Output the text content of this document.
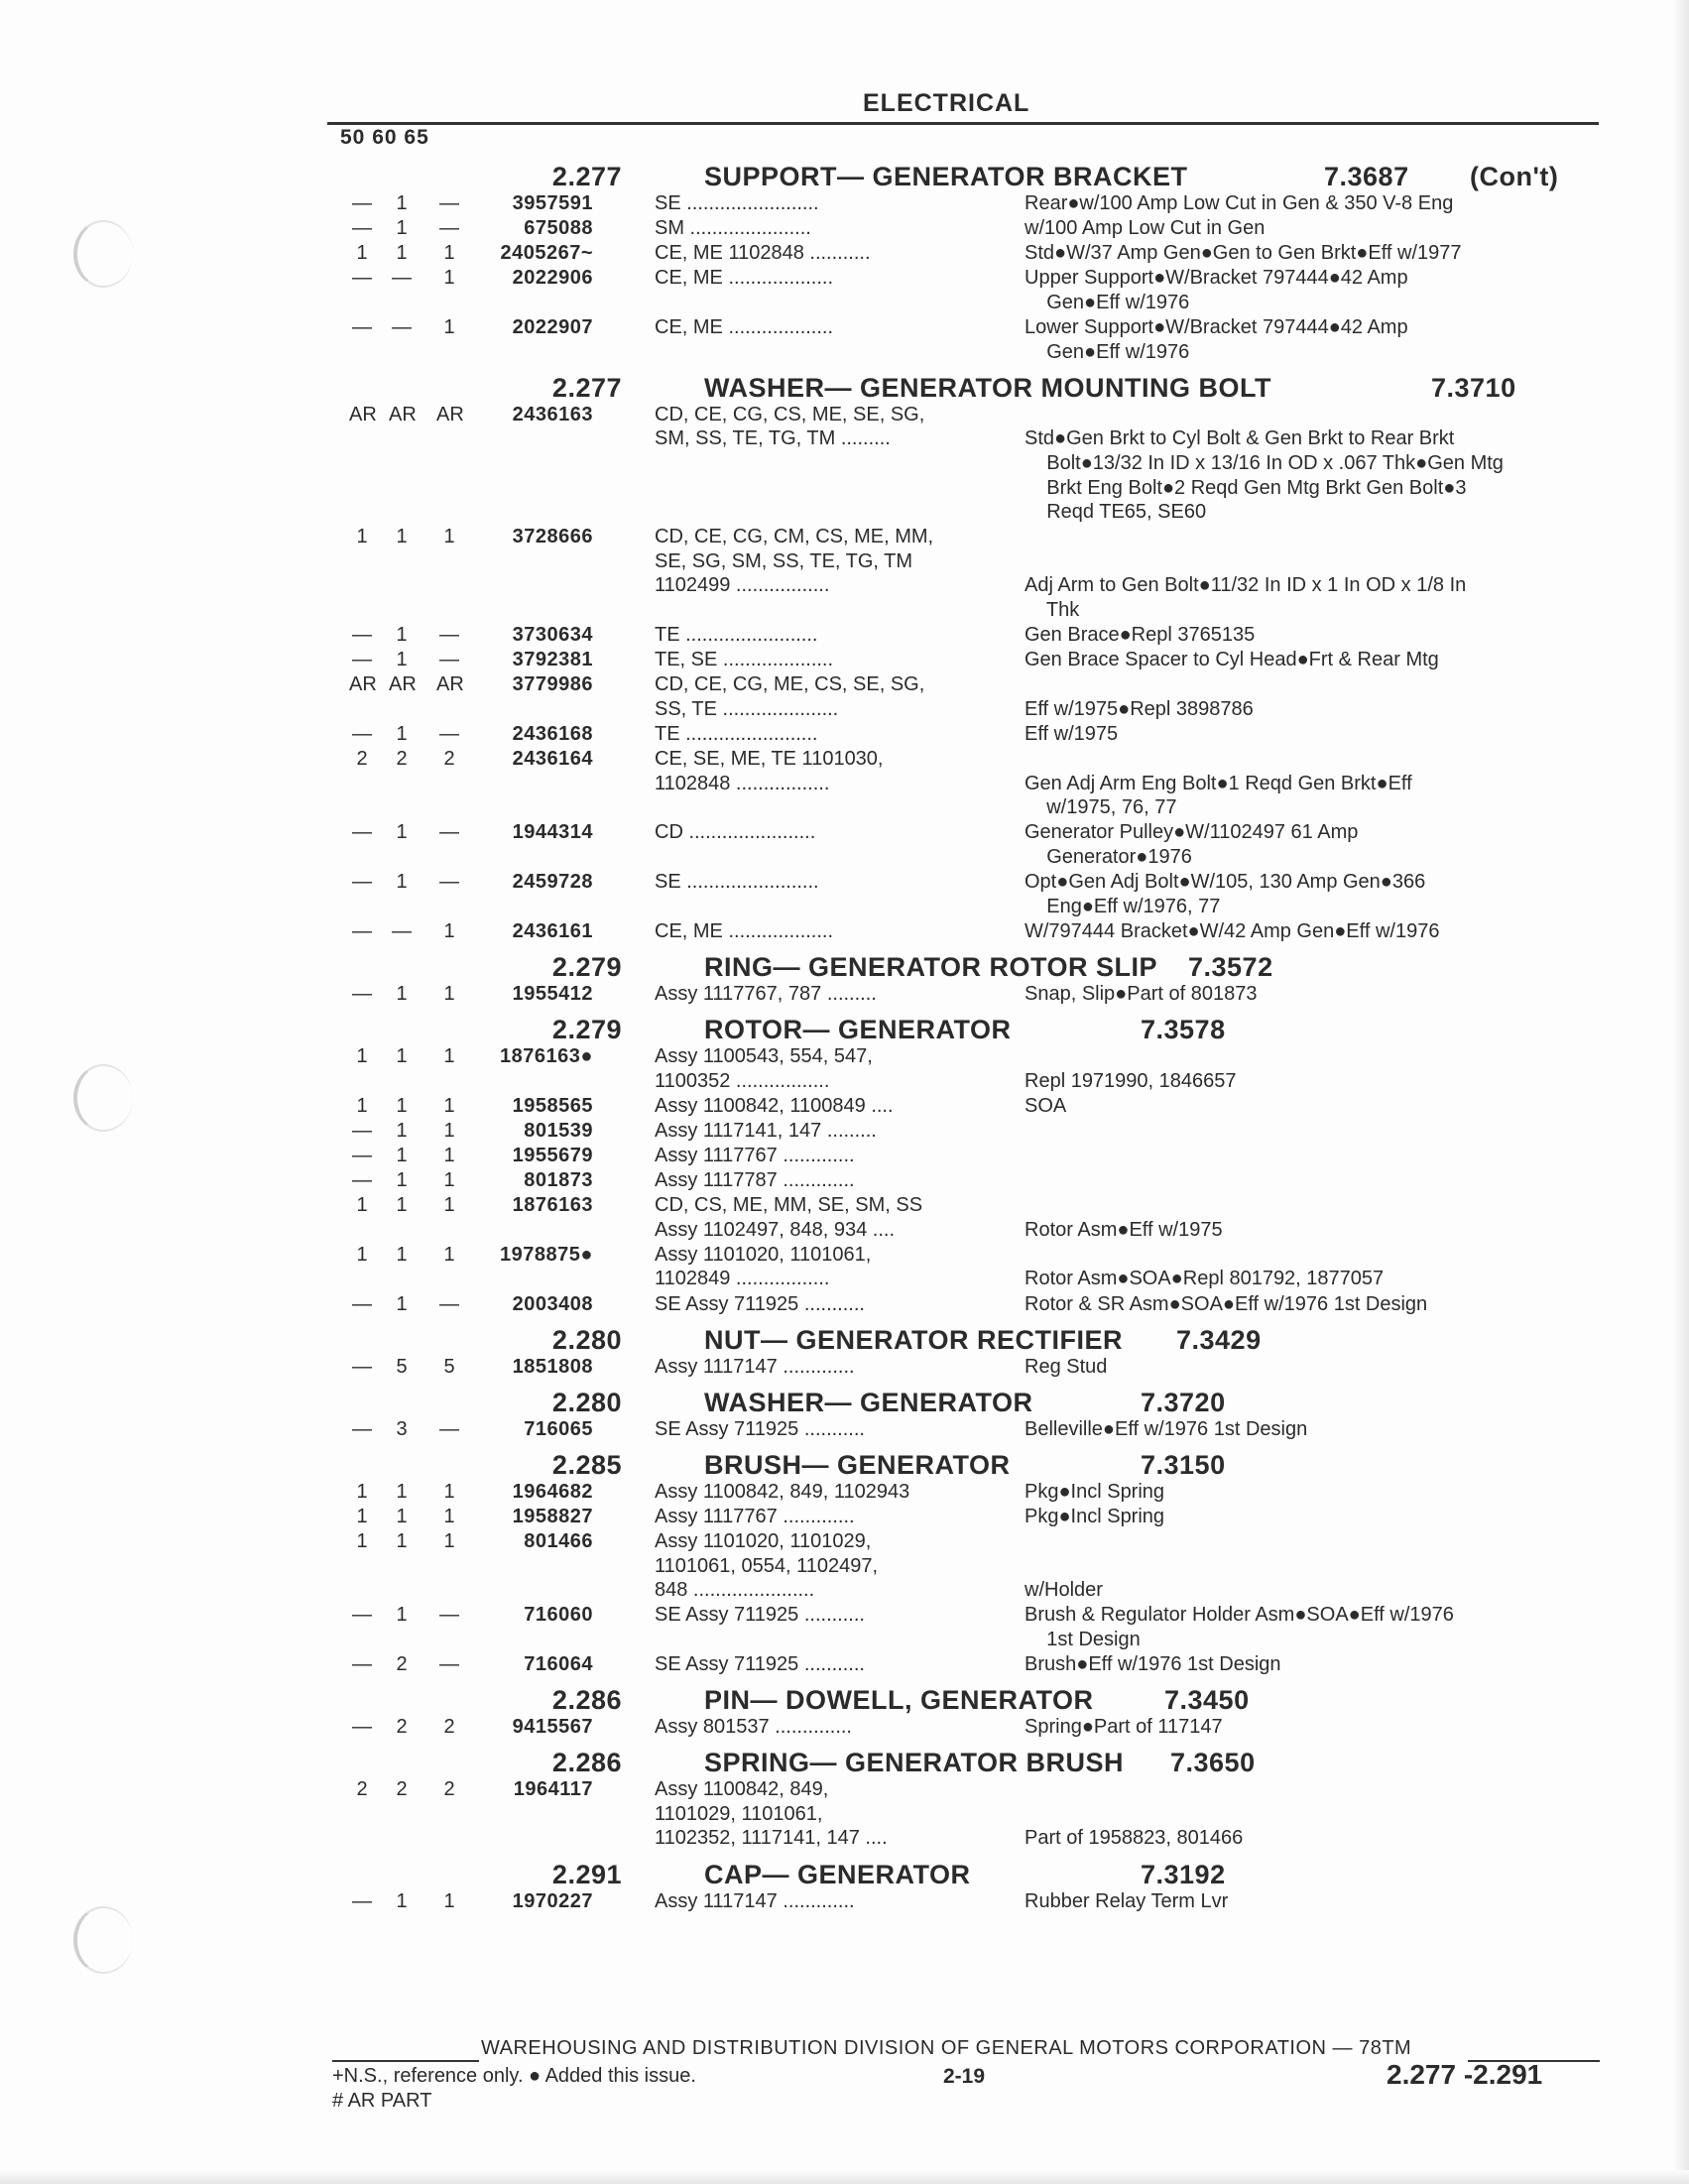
ELECTRICAL
50 60 65
2.277	SUPPORT— GENERATOR BRACKET	7.3687 (Con't)
—	1	—	3957591	SE ........................	Rear●w/100 Amp Low Cut in Gen & 350 V-8 Eng
—	1	—	675088	SM ......................	w/100 Amp Low Cut in Gen
1	1	1	2405267~	CE, ME 1102848 ...........	Std●W/37 Amp Gen●Gen to Gen Brkt●Eff w/1977
— —	1	2022906	CE, ME ...................	Upper Support●W/Bracket 797444●42 Amp
Gen●Eff w/1976
— —	1	2022907	CE, ME ...................	Lower Support●W/Bracket 797444●42 Amp
Gen●Eff w/1976
2.277	WASHER— GENERATOR MOUNTING BOLT	7.3710
AR AR AR	2436163	CD, CE, CG, CS, ME, SE, SG,
SM, SS, TE, TG, TM .........	Std●Gen Brkt to Cyl Bolt & Gen Brkt to Rear Brkt
Bolt●13/32 In ID x 13/16 In OD x .067 Thk●Gen Mtg
Brkt Eng Bolt●2 Reqd Gen Mtg Brkt Gen Bolt●3
Reqd TE65, SE60
1	1	1	3728666	CD, CE, CG, CM, CS, ME, MM,
SE, SG, SM, SS, TE, TG, TM
1102499 .................	Adj Arm to Gen Bolt●11/32 In ID x 1 In OD x 1/8 In
Thk
—	1	—	3730634	TE ........................	Gen Brace●Repl 3765135
—	1	—	3792381	TE, SE ....................	Gen Brace Spacer to Cyl Head●Frt & Rear Mtg
AR AR AR	3779986	CD, CE, CG, ME, CS, SE, SG,
SS, TE .....................	Eff w/1975●Repl 3898786
—	1	—	2436168	TE ........................	Eff w/1975
2	2	2	2436164	CE, SE, ME, TE 1101030,
1102848 .................	Gen Adj Arm Eng Bolt●1 Reqd Gen Brkt●Eff
w/1975, 76, 77
—	1	—	1944314	CD .......................	Generator Pulley●W/1102497 61 Amp
Generator●1976
—	1	—	2459728	SE ........................	Opt●Gen Adj Bolt●W/105, 130 Amp Gen●366
Eng●Eff w/1976, 77
— —	1	2436161	CE, ME ...................	W/797444 Bracket●W/42 Amp Gen●Eff w/1976
2.279	RING— GENERATOR ROTOR SLIP 7.3572
—	1	1	1955412	Assy 1117767, 787 .........	Snap, Slip●Part of 801873
2.279	ROTOR— GENERATOR	7.3578
1	1	1	1876163●	Assy 1100543, 554, 547,
1100352 .................	Repl 1971990, 1846657
1	1	1	1958565	Assy 1100842, 1100849 ....	SOA
—	1	1	801539	Assy 1117141, 147 .........
—	1	1	1955679	Assy 1117767 .............
—	1	1	801873	Assy 1117787 .............
1	1	1	1876163	CD, CS, ME, MM, SE, SM, SS
Assy 1102497, 848, 934 ....	Rotor Asm●Eff w/1975
1	1	1	1978875●	Assy 1101020, 1101061,
1102849 .................	Rotor Asm●SOA●Repl 801792, 1877057
—	1	—	2003408	SE Assy 711925 ...........	Rotor & SR Asm●SOA●Eff w/1976 1st Design
2.280	NUT— GENERATOR RECTIFIER 7.3429
—	5	5	1851808	Assy 1117147 .............	Reg Stud
2.280	WASHER— GENERATOR	7.3720
—	3	—	716065	SE Assy 711925 ...........	Belleville●Eff w/1976 1st Design
2.285	BRUSH— GENERATOR	7.3150
1	1	1	1964682	Assy 1100842, 849, 1102943	Pkg●Incl Spring
1	1	1	1958827	Assy 1117767 .............	Pkg●Incl Spring
1	1	1	801466	Assy 1101020, 1101029,
1101061, 0554, 1102497,
848 ......................	w/Holder
—	1	—	716060	SE Assy 711925 ...........	Brush & Regulator Holder Asm●SOA●Eff w/1976
1st Design
—	2	—	716064	SE Assy 711925 ...........	Brush●Eff w/1976 1st Design
2.286	PIN— DOWELL, GENERATOR	7.3450
—	2	2	9415567	Assy 801537 ..............	Spring●Part of 117147
2.286	SPRING— GENERATOR BRUSH 7.3650
2	2	2	1964117	Assy 1100842, 849,
1101029, 1101061,
1102352, 1117141, 147 ....	Part of 1958823, 801466
2.291	CAP— GENERATOR	7.3192
—	1	1	1970227	Assy 1117147 .............	Rubber Relay Term Lvr
WAREHOUSING AND DISTRIBUTION DIVISION OF GENERAL MOTORS CORPORATION — 78TM
+N.S., reference only. ● Added this issue.
# AR PART
2-19	2.277 -2.291
